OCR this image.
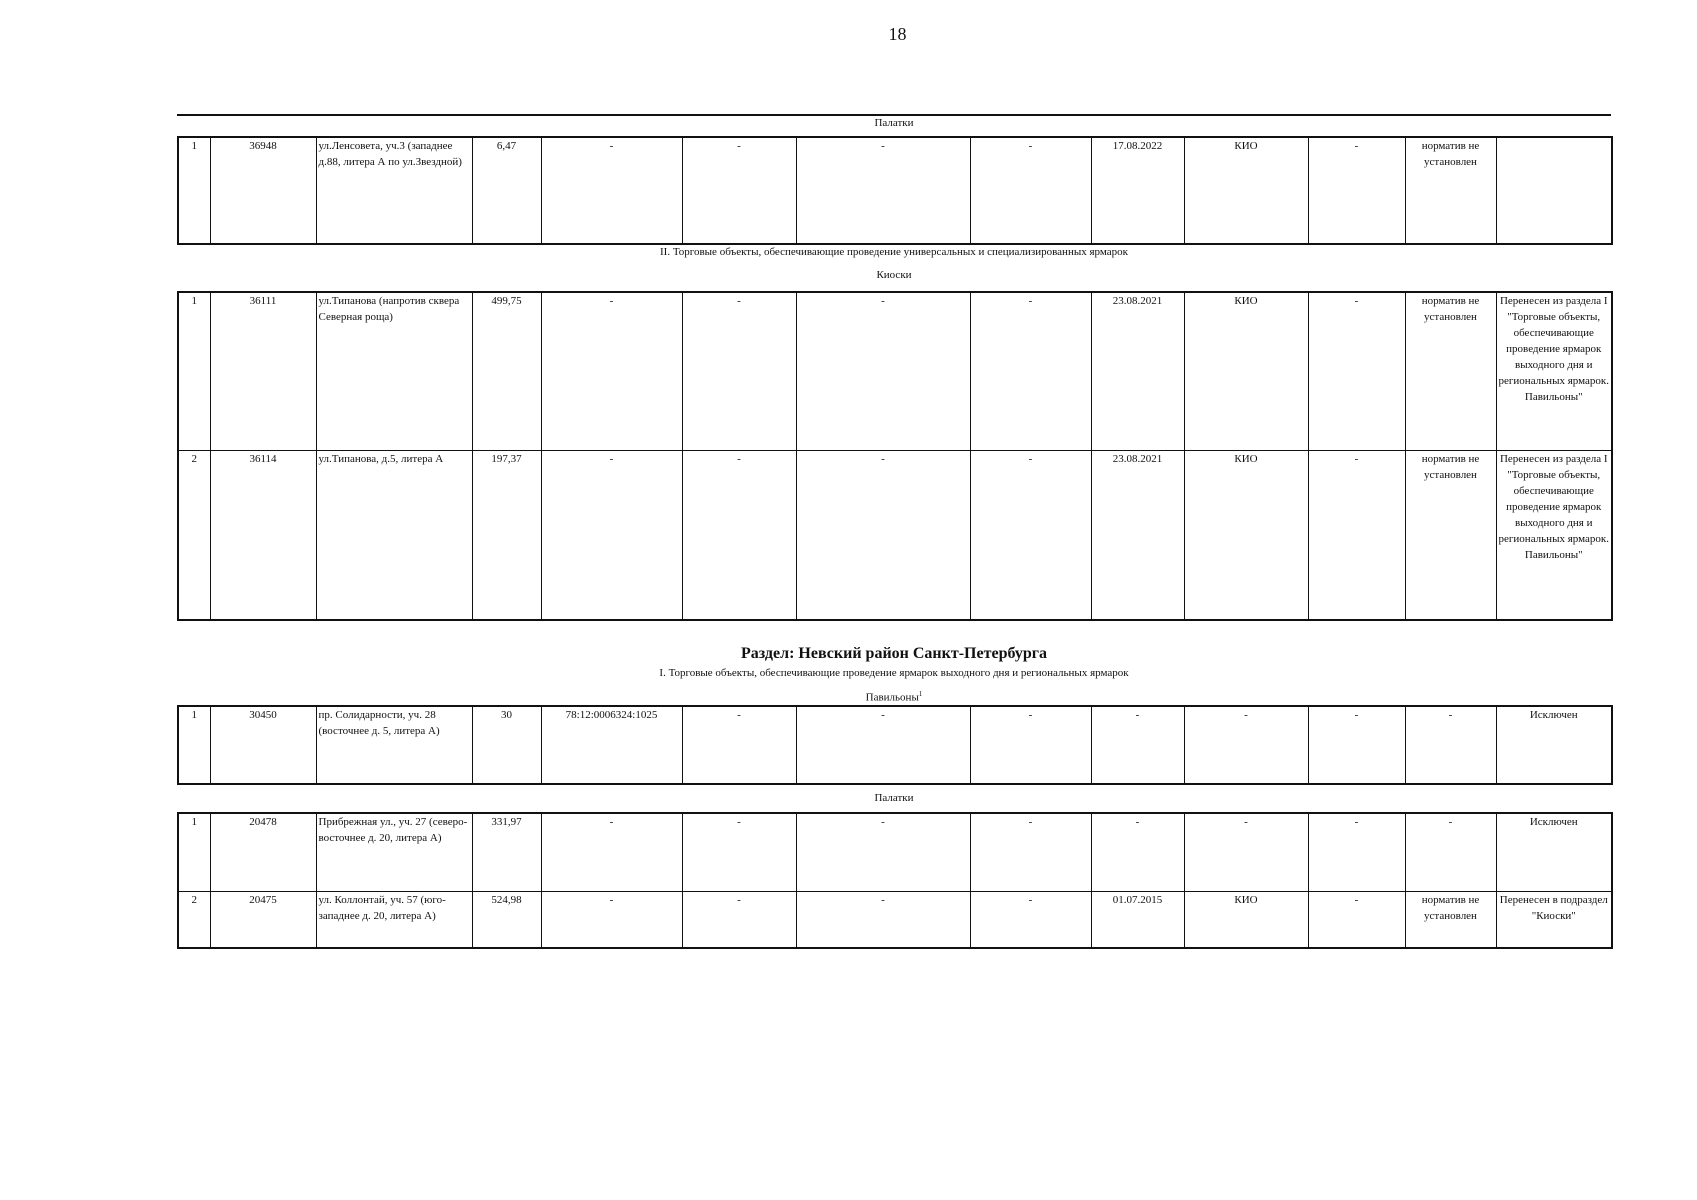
18
Палатки
1	36948	ул.Ленсовета, уч.3 (западнее д.88, литера А по ул.Звездной)	6,47	-	-	-	-	17.08.2022	КИО	-	норматив не установлен	
II. Торговые объекты, обеспечивающие проведение универсальных и специализированных ярмарок
Киоски
1	36111	ул.Типанова (напротив сквера Северная роща)	499,75	-	-	-	-	23.08.2021	КИО	-	норматив не установлен	Перенесен из раздела I "Торговые объекты, обеспечивающие проведение ярмарок выходного дня и региональных ярмарок. Павильоны"
2	36114	ул.Типанова, д.5, литера А	197,37	-	-	-	-	23.08.2021	КИО	-	норматив не установлен	Перенесен из раздела I "Торговые объекты, обеспечивающие проведение ярмарок выходного дня и региональных ярмарок. Павильоны"
Раздел: Невский район Санкт-Петербурга
I. Торговые объекты, обеспечивающие проведение ярмарок выходного дня и региональных ярмарок
Павильоны$^1$
1	30450	пр. Солидарности, уч. 28 (восточнее д. 5, литера А)	30	78:12:0006324:1025	-	-	-	-	-	-	-	Исключен
Палатки
1	20478	Прибрежная ул., уч. 27 (северо-восточнее д. 20, литера А)	331,97	-	-	-	-	-	-	-	-	Исключен
2	20475	ул. Коллонтай, уч. 57 (юго-западнее д. 20, литера А)	524,98	-	-	-	-	01.07.2015	КИО	-	норматив не установлен	Перенесен в подраздел "Киоски"
